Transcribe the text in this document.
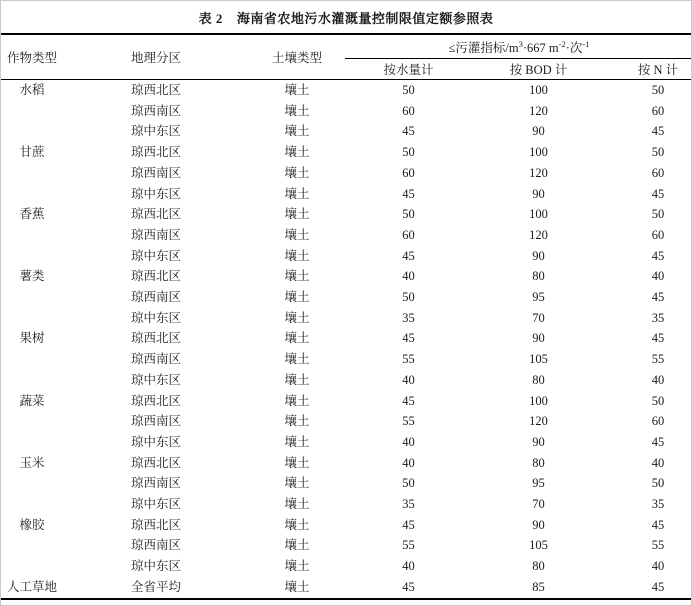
表 2 海南省农地污水灌溉量控制限值定额参照表
作物类型	地理分区	土壤类型	≤污灌指标$/m^3\cdot 667$ $m^{-2}\cdot$次$^{-1}$
			按水量计	按 BOD 计	按 N 计
水稻	琼西北区	壤土	50	100	50
	琼西南区	壤土	60	120	60
	琼中东区	壤土	45	90	45
甘蔗	琼西北区	壤土	50	100	50
	琼西南区	壤土	60	120	60
	琼中东区	壤土	45	90	45
香蕉	琼西北区	壤土	50	100	50
	琼西南区	壤土	60	120	60
	琼中东区	壤土	45	90	45
薯类	琼西北区	壤土	40	80	40
	琼西南区	壤土	50	95	45
	琼中东区	壤土	35	70	35
果树	琼西北区	壤土	45	90	45
	琼西南区	壤土	55	105	55
	琼中东区	壤土	40	80	40
蔬菜	琼西北区	壤土	45	100	50
	琼西南区	壤土	55	120	60
	琼中东区	壤土	40	90	45
玉米	琼西北区	壤土	40	80	40
	琼西南区	壤土	50	95	50
	琼中东区	壤土	35	70	35
橡胶	琼西北区	壤土	45	90	45
	琼西南区	壤土	55	105	55
	琼中东区	壤土	40	80	40
人工草地	全省平均	壤土	45	85	45
